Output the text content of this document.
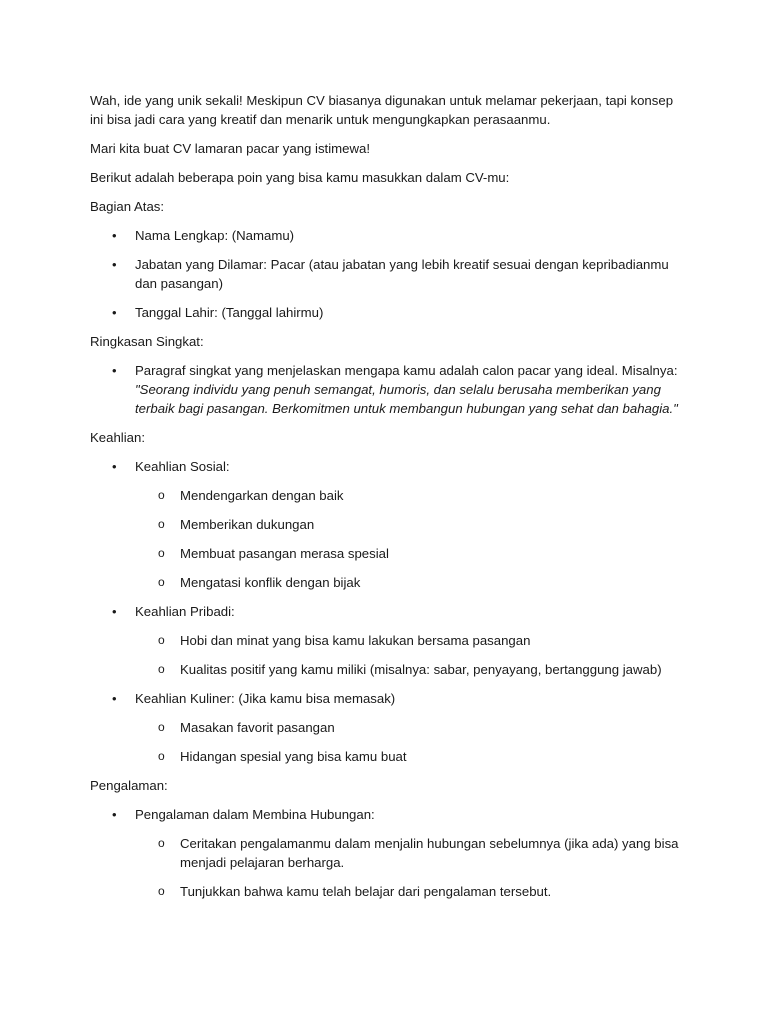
Wah, ide yang unik sekali! Meskipun CV biasanya digunakan untuk melamar pekerjaan, tapi konsep ini bisa jadi cara yang kreatif dan menarik untuk mengungkapkan perasaanmu.

Mari kita buat CV lamaran pacar yang istimewa!

Berikut adalah beberapa poin yang bisa kamu masukkan dalam CV-mu:

Bagian Atas:

• Nama Lengkap: (Namamu)
• Jabatan yang Dilamar: Pacar (atau jabatan yang lebih kreatif sesuai dengan kepribadianmu dan pasangan)
• Tanggal Lahir: (Tanggal lahirmu)

Ringkasan Singkat:

• Paragraf singkat yang menjelaskan mengapa kamu adalah calon pacar yang ideal. Misalnya: "Seorang individu yang penuh semangat, humoris, dan selalu berusaha memberikan yang terbaik bagi pasangan. Berkomitmen untuk membangun hubungan yang sehat dan bahagia."

Keahlian:

• Keahlian Sosial:
o Mendengarkan dengan baik
o Memberikan dukungan
o Membuat pasangan merasa spesial
o Mengatasi konflik dengan bijak
• Keahlian Pribadi:
o Hobi dan minat yang bisa kamu lakukan bersama pasangan
o Kualitas positif yang kamu miliki (misalnya: sabar, penyayang, bertanggung jawab)
• Keahlian Kuliner: (Jika kamu bisa memasak)
o Masakan favorit pasangan
o Hidangan spesial yang bisa kamu buat

Pengalaman:

• Pengalaman dalam Membina Hubungan:
o Ceritakan pengalamanmu dalam menjalin hubungan sebelumnya (jika ada) yang bisa menjadi pelajaran berharga.
o Tunjukkan bahwa kamu telah belajar dari pengalaman tersebut.
